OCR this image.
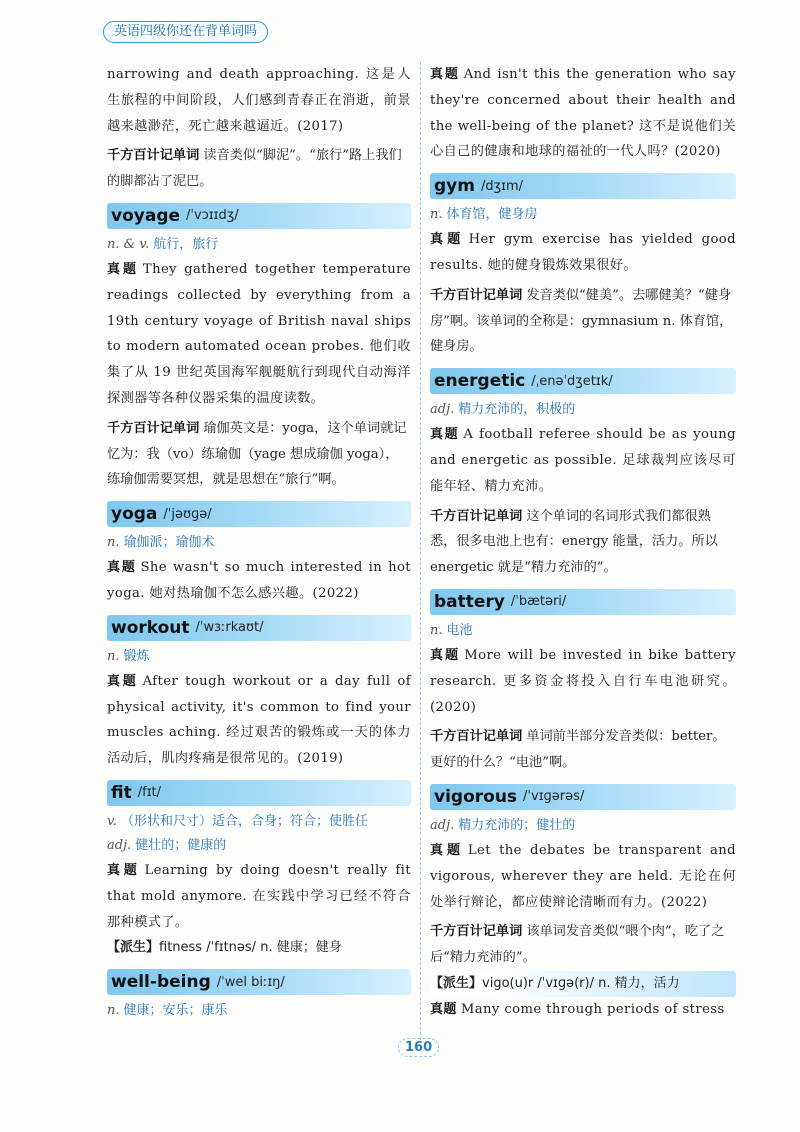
英语四级你还在背单词吗

narrowing and death approaching. 这是人生旅程的中间阶段，人们感到青春正在消逝，前景越来越渺茫，死亡越来越逼近。(2017)

千方百计记单词 读音类似“脚泥”。“旅行”路上我们的脚都沾了泥巴。

voyage /ˈvɔɪɪdʒ/

n. & v. 航行，旅行

真题 They gathered together temperature readings collected by everything from a 19th century voyage of British naval ships to modern automated ocean probes. 他们收集了从 19 世纪英国海军舰艇航行到现代自动海洋探测器等各种仪器采集的温度读数。

千方百计记单词 瑜伽英文是：yoga，这个单词就记忆为：我（vo）练瑜伽（yage 想成瑜伽 yoga），练瑜伽需要冥想，就是思想在“旅行”啊。

yoga /ˈjəʊɡə/

n. 瑜伽派；瑜伽术

真题 She wasn't so much interested in hot yoga. 她对热瑜伽不怎么感兴趣。(2022)

workout /ˈwɜːrkaʊt/

n. 锻炼

真题 After tough workout or a day full of physical activity, it's common to find your muscles aching. 经过艰苦的锻炼或一天的体力活动后，肌肉疼痛是很常见的。(2019)

fit /fɪt/

v. （形状和尺寸）适合，合身；符合；使胜任

adj. 健壮的；健康的

真题 Learning by doing doesn't really fit that mold anymore. 在实践中学习已经不符合那种模式了。

【派生】fitness /ˈfɪtnəs/ n. 健康；健身

well-being /ˈwel biːɪŋ/

n. 健康；安乐；康乐

真题 And isn't this the generation who say they're concerned about their health and the well-being of the planet? 这不是说他们关心自己的健康和地球的福祉的一代人吗？(2020)

gym /dʒɪm/

n. 体育馆，健身房

真题 Her gym exercise has yielded good results. 她的健身锻炼效果很好。

千方百计记单词 发音类似“健美”。去哪健美？“健身房”啊。该单词的全称是：gymnasium n. 体育馆，健身房。

energetic /ˌenəˈdʒetɪk/

adj. 精力充沛的，积极的

真题 A football referee should be as young and energetic as possible. 足球裁判应该尽可能年轻、精力充沛。

千方百计记单词 这个单词的名词形式我们都很熟悉，很多电池上也有：energy 能量，活力。所以 energetic 就是“精力充沛的”。

battery /ˈbætəri/

n. 电池

真题 More will be invested in bike battery research. 更多资金将投入自行车电池研究。(2020)

千方百计记单词 单词前半部分发音类似：better。更好的什么？“电池”啊。

vigorous /ˈvɪɡərəs/

adj. 精力充沛的；健壮的

真题 Let the debates be transparent and vigorous, wherever they are held. 无论在何处举行辩论，都应使辩论清晰而有力。(2022)

千方百计记单词 该单词发音类似“喂个肉”，吃了之后“精力充沛的”。

【派生】vigo(u)r /ˈvɪɡə(r)/ n. 精力，活力

真题 Many come through periods of stress

160
